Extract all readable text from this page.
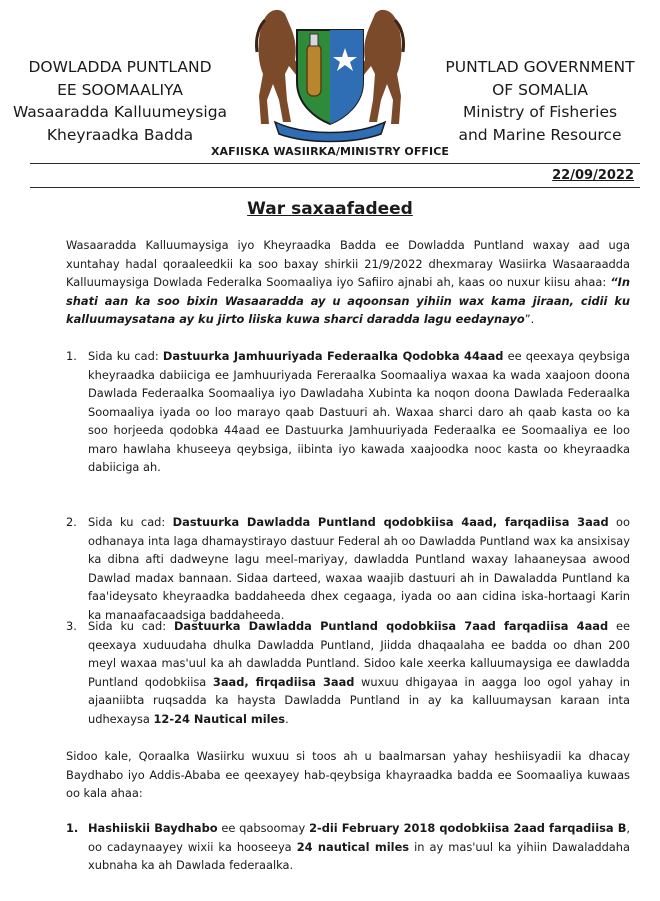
DOWLADDA PUNTLAND
EE SOOMAALIYA
Wasaaradda Kalluumeysiga
Kheyraadka Badda
PUNTLAD GOVERNMENT
OF SOMALIA
Ministry of Fisheries
and Marine Resource
XAFIISKA WASIIRKA/MINISTRY OFFICE
22/09/2022
War saxaafadeed
Wasaaradda Kalluumaysiga iyo Kheyraadka Badda ee Dowladda Puntland waxay aad uga xuntahay hadal qoraaleedkii ka soo baxay shirkii 21/9/2022 dhexmaray Wasiirka Wasaaraadda Kalluumaysiga Dowlada Federalka Soomaaliya iyo Safiiro ajnabi ah, kaas oo nuxur kiisu ahaa: “In shati aan ka soo bixin Wasaaradda ay u aqoonsan yihiin wax kama jiraan, cidii ku kalluumaysatana ay ku jirto liiska kuwa sharci daradda lagu eedaynayo”.
1. Sida ku cad: Dastuurka Jamhuuriyada Federaalka Qodobka 44aad ee qeexaya qeybsiga kheyraadka dabiiciga ee Jamhuuriyada Fereraalka Soomaaliya waxaa ka wada xaajoon doona Dawlada Federaalka Soomaaliya iyo Dawladaha Xubinta ka noqon doona Dawlada Federaalka Soomaaliya iyada oo loo marayo qaab Dastuuri ah. Waxaa sharci daro ah qaab kasta oo ka soo horjeeda qodobka 44aad ee Dastuurka Jamhuuriyada Federaalka ee Soomaaliya ee loo maro hawlaha khuseeya qeybsiga, iibinta iyo kawada xaajoodka nooc kasta oo kheyraadka dabiiciga ah.
2. Sida ku cad: Dastuurka Dawladda Puntland qodobkiisa 4aad, farqadiisa 3aad oo odhanaya inta laga dhamaystirayo dastuur Federal ah oo Dawladda Puntland wax ka ansixisay ka dibna afti dadweyne lagu meel-mariyay, dawladda Puntland waxay lahaaneysaa awood Dawlad madax bannaan. Sidaa darteed, waxaa waajib dastuuri ah in Dawaladda Puntland ka faa'ideysato kheyraadka baddaheeda dhex cegaaga, iyada oo aan cidina iska-hortaagi Karin ka manaafacaadsiga baddaheeda.
3. Sida ku cad: Dastuurka Dawladda Puntland qodobkiisa 7aad farqadiisa 4aad ee qeexaya xuduudaha dhulka Dawladda Puntland, Jiidda dhaqaalaha ee badda oo dhan 200 meyl waxaa mas'uul ka ah dawladda Puntland. Sidoo kale xeerka kalluumaysiga ee dawladda Puntland qodobkiisa 3aad, firqadiisa 3aad wuxuu dhigayaa in aagga loo ogol yahay in ajaaniibta ruqsadda ka haysta Dawladda Puntland in ay ka kalluumaysan karaan inta udhexaysa 12-24 Nautical miles.
Sidoo kale, Qoraalka Wasiirku wuxuu si toos ah u baalmarsan yahay heshiisyadii ka dhacay Baydhabo iyo Addis-Ababa ee qeexayey hab-qeybsiga khayraadka badda ee Soomaaliya kuwaas oo kala ahaa:
1. Hashiiskii Baydhabo ee qabsoomay 2-dii February 2018 qodobkiisa 2aad farqadiisa B, oo cadaynaayey wixii ka hooseeya 24 nautical miles in ay mas'uul ka yihiin Dawaladdaha xubnaha ka ah Dawlada federaalka.
